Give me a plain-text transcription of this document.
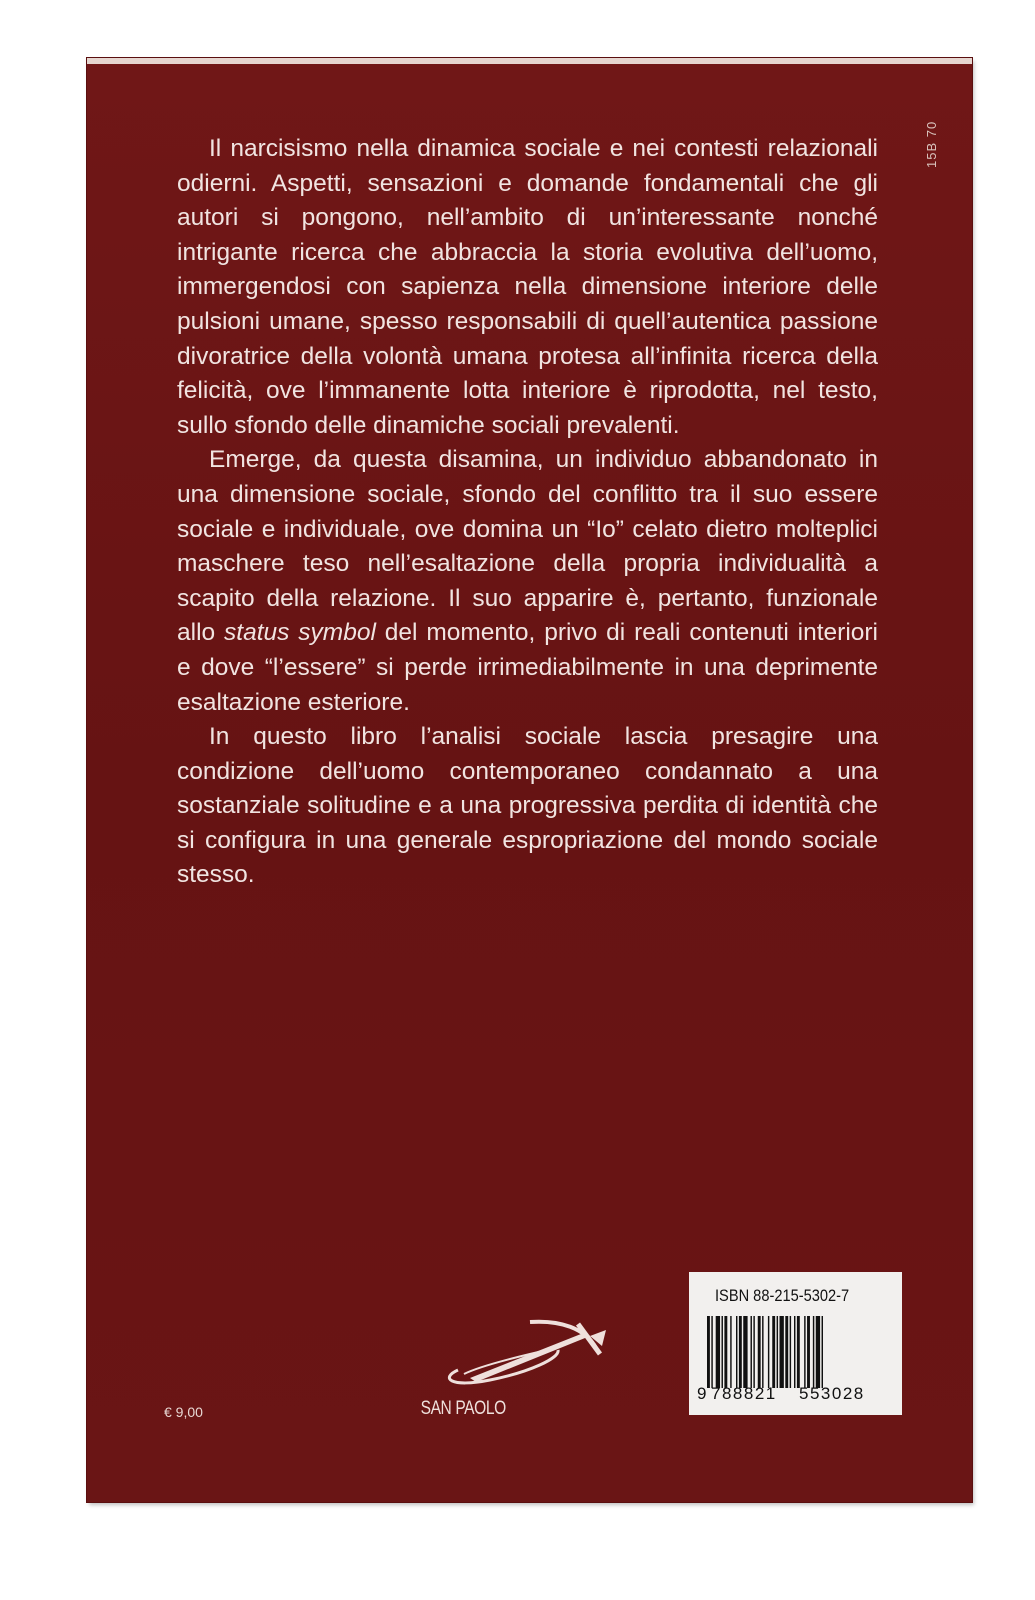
15B 70

Il narcisismo nella dinamica sociale e nei contesti relazionali odierni. Aspetti, sensazioni e domande fondamentali che gli autori si pongono, nell’ambito di un’interessante nonché intrigante ricerca che abbraccia la storia evolutiva dell’uomo, immergendosi con sapienza nella dimensione interiore delle pulsioni umane, spesso responsabili di quell’autentica passione divoratrice della volontà umana protesa all’infinita ricerca della felicità, ove l’immanente lotta interiore è riprodotta, nel testo, sullo sfondo delle dinamiche sociali prevalenti.

Emerge, da questa disamina, un individuo abbandonato in una dimensione sociale, sfondo del conflitto tra il suo essere sociale e individuale, ove domina un “Io” celato dietro molteplici maschere teso nell’esaltazione della propria individualità a scapito della relazione. Il suo apparire è, pertanto, funzionale allo status symbol del momento, privo di reali contenuti interiori e dove “l’essere” si perde irrimediabilmente in una deprimente esaltazione esteriore.

In questo libro l’analisi sociale lascia presagire una condizione dell’uomo contemporaneo condannato a una sostanziale solitudine e a una progressiva perdita di identità che si configura in una generale espropriazione del mondo sociale stesso.

€ 9,00	SAN PAOLO
ISBN 88-215-5302-7
9 788821 553028
